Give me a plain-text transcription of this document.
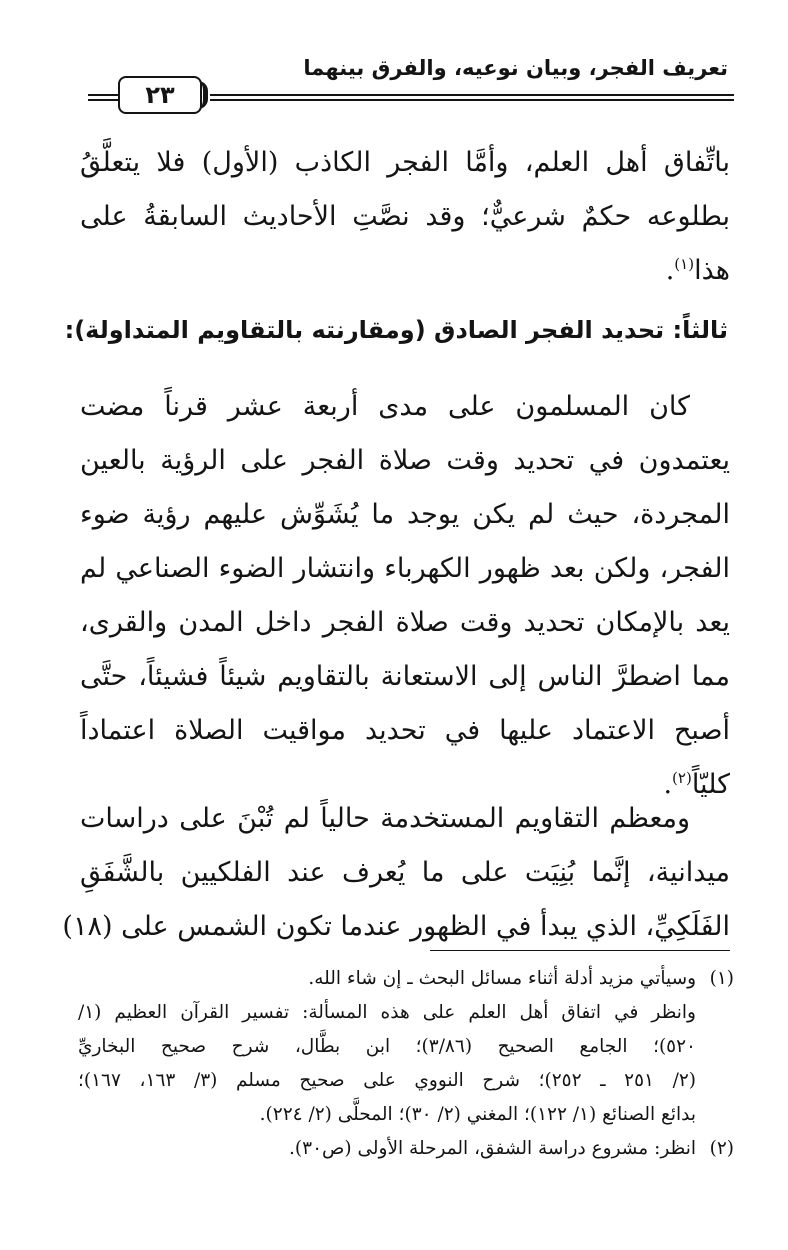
تعريف الفجر، وبيان نوعيه، والفرق بينهما
٢٣
باتِّفاق أهل العلم، وأمَّا الفجر الكاذب (الأول) فلا يتعلَّقُ
بطلوعه حكمٌ شرعيٌّ؛ وقد نصَّتِ الأحاديث السابقةُ على
هذا$^{(١)}$.
ثالثاً: تحديد الفجر الصادق (ومقارنته بالتقاويم المتداولة):
كان المسلمون على مدى أربعة عشر قرناً مضت
يعتمدون في تحديد وقت صلاة الفجر على الرؤية بالعين
المجردة، حيث لم يكن يوجد ما يُشَوِّش عليهم رؤية ضوء
الفجر، ولكن بعد ظهور الكهرباء وانتشار الضوء الصناعي لم
يعد بالإمكان تحديد وقت صلاة الفجر داخل المدن والقرى،
مما اضطرَّ الناس إلى الاستعانة بالتقاويم شيئاً فشيئاً، حتَّى
أصبح الاعتماد عليها في تحديد مواقيت الصلاة اعتماداً
كليّاً$^{(٢)}$.
ومعظم التقاويم المستخدمة حالياً لم تُبْنَ على دراسات
ميدانية، إنَّما بُنِيَت على ما يُعرف عند الفلكيين بالشَّفَقِ
الفَلَكِيِّ، الذي يبدأ في الظهور عندما تكون الشمس على (١٨)
(١)
وسيأتي مزيد أدلة أثناء مسائل البحث ـ إن شاء الله.
وانظر في اتفاق أهل العلم على هذه المسألة: تفسير القرآن العظيم (١/
٥٢٠)؛ الجامع الصحيح (٣/٨٦)؛ ابن بطَّال، شرح صحيح البخاريِّ
(٢/ ٢٥١ ـ ٢٥٢)؛ شرح النووي على صحيح مسلم (٣/ ١٦٣، ١٦٧)؛
بدائع الصنائع (١/ ١٢٢)؛ المغني (٢/ ٣٠)؛ المحلَّى (٢/ ٢٢٤).
(٢)
انظر: مشروع دراسة الشفق، المرحلة الأولى (ص٣٠).
